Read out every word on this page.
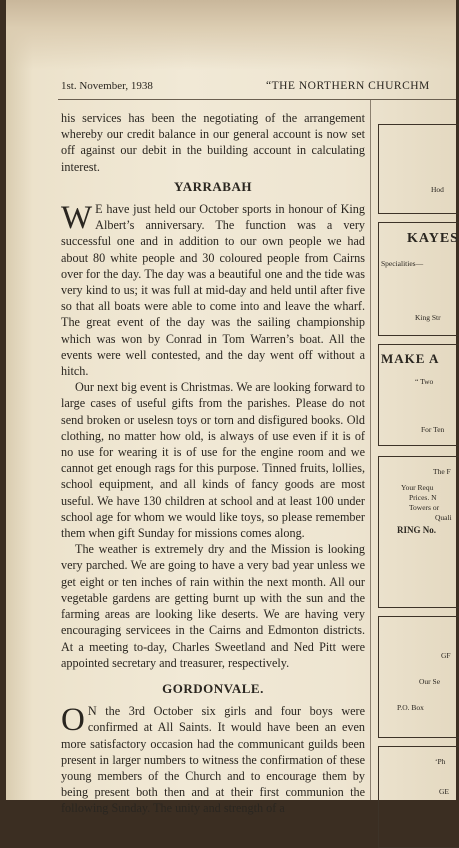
1st. November, 1938	“THE NORTHERN CHURCHM

his services has been the negotiating of the arrangement whereby our credit balance in our general account is now set off against our debit in the building account in calculating interest.

YARRABAH

W E have just held our October sports in honour of King Albert’s anniversary. The function was a very successful one and in addition to our own people we had about 80 white people and 30 coloured people from Cairns over for the day. The day was a beautiful one and the tide was very kind to us; it was full at mid-day and held until after five so that all boats were able to come into and leave the wharf. The great event of the day was the sailing championship which was won by Conrad in Tom Warren’s boat. All the events were well contested, and the day went off without a hitch.

Our next big event is Christmas. We are looking forward to large cases of useful gifts from the parishes. Please do not send broken or uselesn toys or torn and disfigured books. Old clothing, no matter how old, is always of use even if it is of no use for wearing it is of use for the engine room and we cannot get enough rags for this purpose. Tinned fruits, lollies, school equipment, and all kinds of fancy goods are most useful. We have 130 children at school and at least 100 under school age for whom we would like toys, so please remember them when gift Sunday for missions comes along.

The weather is extremely dry and the Mission is looking very parched. We are going to have a very bad year unless we get eight or ten inches of rain within the next month. All our vegetable gardens are getting burnt up with the sun and the farming areas are looking like deserts. We are having very encouraging servicees in the Cairns and Edmonton districts. At a meeting to-day, Charles Sweetland and Ned Pitt were appointed secretary and treasurer, respectively.

GORDONVALE.

O N the 3rd October six girls and four boys were confirmed at All Saints. It would have been an even more satisfactory occasion had the communicant guilds been present in larger numbers to witness the confirmation of these young members of the Church and to encourage them by being present both then and at their first communion the following Sunday. The unity and strength of a

Hod
KAYES
Specialities—
King Str
MAKE A
“ Two
For Ten
The F
Your Requ
Prices. N
Towers or
Quali
RING No.
GF
Our Se
P.O. Box
‘Ph
GE
